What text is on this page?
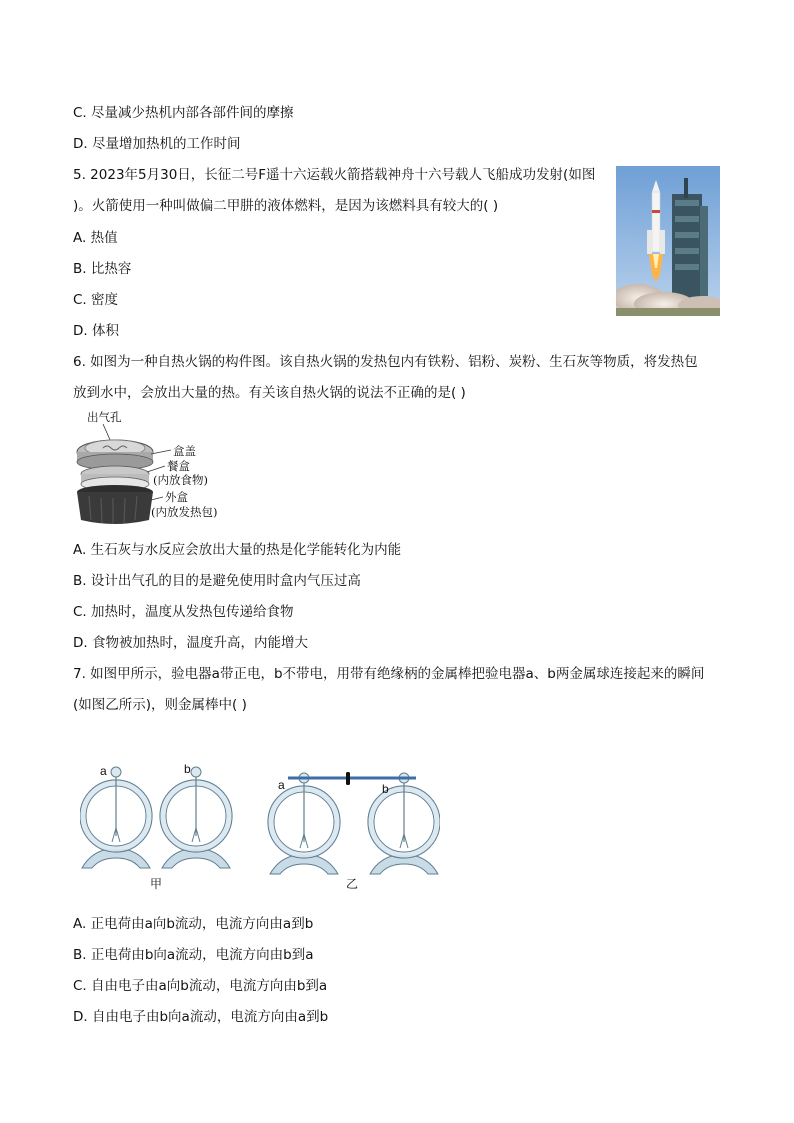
C. 尽量减少热机内部各部件间的摩擦
D. 尽量增加热机的工作时间
5. 2023年5月30日，长征二号F遥十六运载火箭搭载神舟十六号载人飞船成功发射(如图
)。火箭使用一种叫做偏二甲肼的液体燃料，是因为该燃料具有较大的( )
A. 热值
B. 比热容
C. 密度
D. 体积
6. 如图为一种自热火锅的构件图。该自热火锅的发热包内有铁粉、铝粉、炭粉、生石灰等物质，将发热包
放到水中，会放出大量的热。有关该自热火锅的说法不正确的是( )
出气孔
盒盖
餐盒
(内放食物)
外盒
(内放发热包)
A. 生石灰与水反应会放出大量的热是化学能转化为内能
B. 设计出气孔的目的是避免使用时盒内气压过高
C. 加热时，温度从发热包传递给食物
D. 食物被加热时，温度升高，内能增大
7. 如图甲所示，验电器a带正电，b不带电，用带有绝缘柄的金属棒把验电器a、b两金属球连接起来的瞬间
(如图乙所示)，则金属棒中( )
a	b
a	b
甲	乙
A. 正电荷由a向b流动，电流方向由a到b
B. 正电荷由b向a流动，电流方向由b到a
C. 自由电子由a向b流动，电流方向由b到a
D. 自由电子由b向a流动，电流方向由a到b
